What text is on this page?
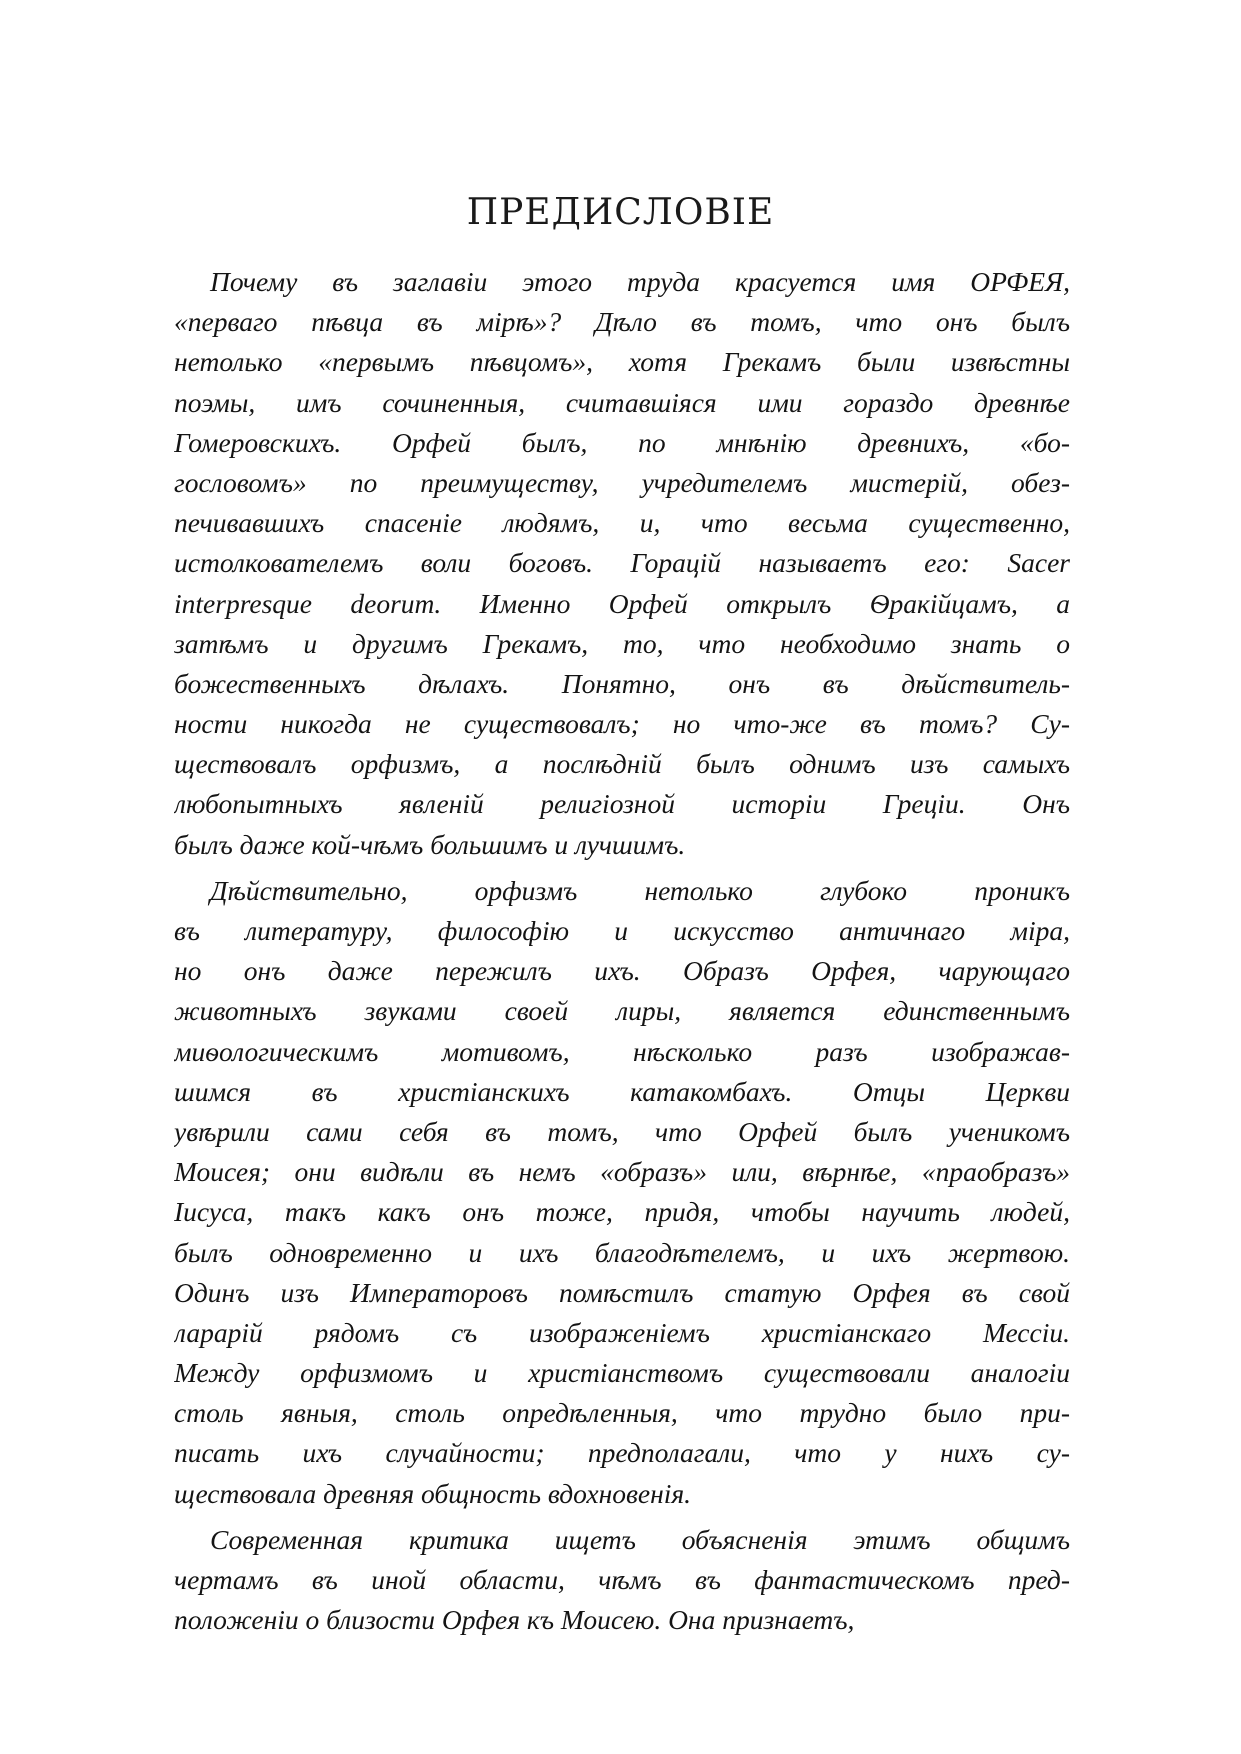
ПРЕДИСЛОВIЕ
Почему въ заглавiи этого труда красуется имя ОРФЕЯ,
«перваго пѣвца въ мiрѣ»? Дѣло въ томъ, что онъ былъ
нетолько «первымъ пѣвцомъ», хотя Грекамъ были извѣстны
поэмы, имъ сочиненныя, считавшiяся ими гораздо древнѣе
Гомеровскихъ. Орфей былъ, по мнѣнiю древнихъ, «бо-
гословомъ» по преимуществу, учредителемъ мистерiй, обез-
печивавшихъ спасенiе людямъ, и, что весьма существенно,
истолкователемъ воли боговъ. Горацiй называетъ его: Sacer
interpresque deorum. Именно Орфей открылъ Ѳракiйцамъ, а
затѣмъ и другимъ Грекамъ, то, что необходимо знать о
божественныхъ дѣлахъ. Понятно, онъ въ дѣйствитель-
ности никогда не существовалъ; но что-же въ томъ? Су-
ществовалъ орфизмъ, а послѣднiй былъ однимъ изъ самыхъ
любопытныхъ явленiй религiозной исторiи Грецiи. Онъ
былъ даже кой-чѣмъ большимъ и лучшимъ.
Дѣйствительно, орфизмъ нетолько глубоко проникъ
въ литературу, философiю и искусство античнаго мiра,
но онъ даже пережилъ ихъ. Образъ Орфея, чарующаго
животныхъ звуками своей лиры, является единственнымъ
миѳологическимъ мотивомъ, нѣсколько разъ изображав-
шимся въ христiанскихъ катакомбахъ. Отцы Церкви
увѣрили сами себя въ томъ, что Орфей былъ ученикомъ
Моисея; они видѣли въ немъ «образъ» или, вѣрнѣе, «праобразъ»
Iисуса, такъ какъ онъ тоже, придя, чтобы научить людей,
былъ одновременно и ихъ благодѣтелемъ, и ихъ жертвою.
Одинъ изъ Императоровъ помѣстилъ статую Орфея въ свой
ларарiй рядомъ съ изображенiемъ христiанскаго Мессiи.
Между орфизмомъ и христiанствомъ существовали аналогiи
столь явныя, столь опредѣленныя, что трудно было при-
писать ихъ случайности; предполагали, что у нихъ су-
ществовала древняя общность вдохновенiя.
Современная критика ищетъ объясненiя этимъ общимъ
чертамъ въ иной области, чѣмъ въ фантастическомъ пред-
положенiи о близости Орфея къ Моисею. Она признаетъ,
